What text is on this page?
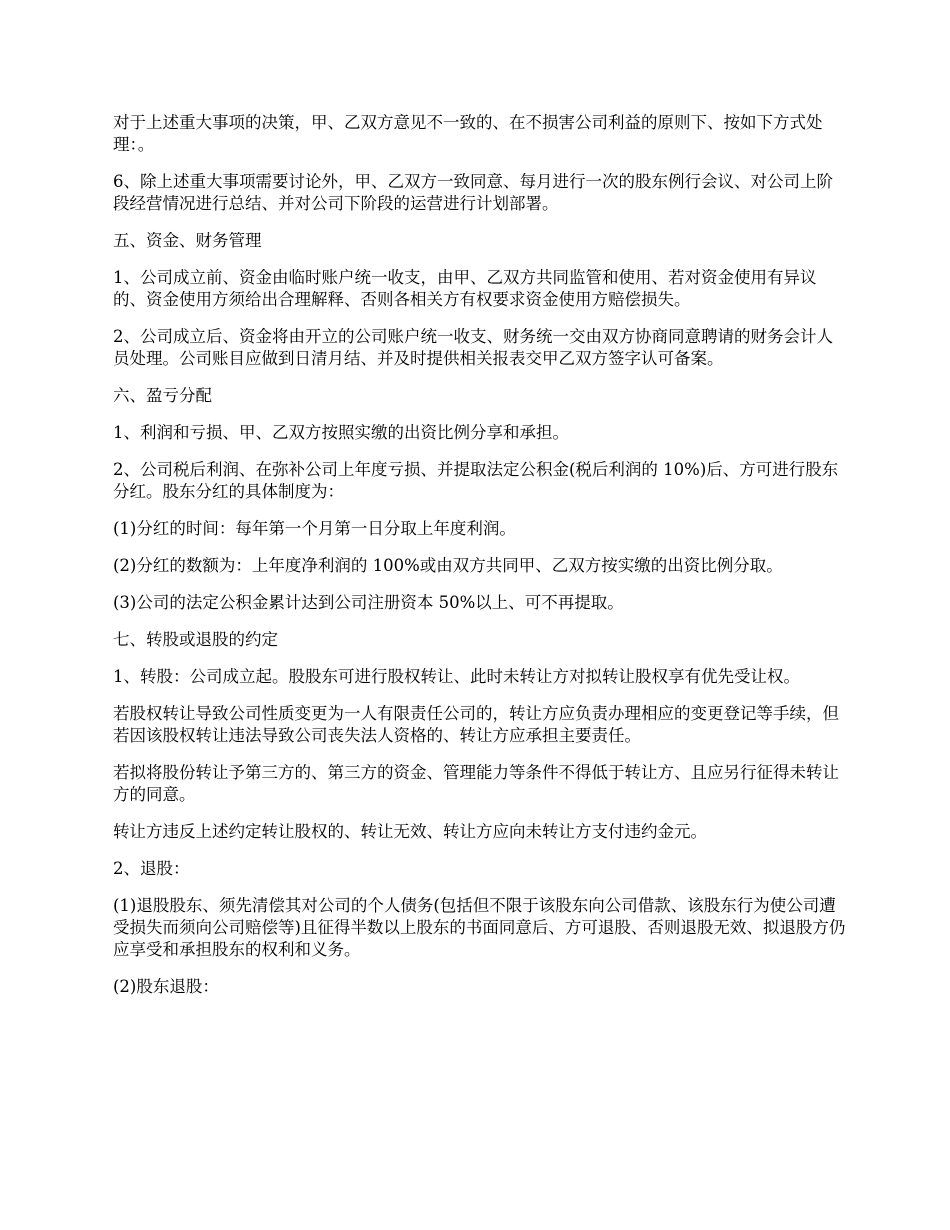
对于上述重大事项的决策，甲、乙双方意见不一致的、在不损害公司利益的原则下、按如下方式处理：。

6、除上述重大事项需要讨论外，甲、乙双方一致同意、每月进行一次的股东例行会议、对公司上阶段经营情况进行总结、并对公司下阶段的运营进行计划部署。

五、资金、财务管理

1、公司成立前、资金由临时账户统一收支，由甲、乙双方共同监管和使用、若对资金使用有异议的、资金使用方须给出合理解释、否则各相关方有权要求资金使用方赔偿损失。

2、公司成立后、资金将由开立的公司账户统一收支、财务统一交由双方协商同意聘请的财务会计人员处理。公司账目应做到日清月结、并及时提供相关报表交甲乙双方签字认可备案。

六、盈亏分配

1、利润和亏损、甲、乙双方按照实缴的出资比例分享和承担。

2、公司税后利润、在弥补公司上年度亏损、并提取法定公积金(税后利润的 10%)后、方可进行股东分红。股东分红的具体制度为：

(1)分红的时间：每年第一个月第一日分取上年度利润。

(2)分红的数额为：上年度净利润的 100%或由双方共同甲、乙双方按实缴的出资比例分取。

(3)公司的法定公积金累计达到公司注册资本 50%以上、可不再提取。

七、转股或退股的约定

1、转股：公司成立起。股股东可进行股权转让、此时未转让方对拟转让股权享有优先受让权。

若股权转让导致公司性质变更为一人有限责任公司的，转让方应负责办理相应的变更登记等手续，但若因该股权转让违法导致公司丧失法人资格的、转让方应承担主要责任。

若拟将股份转让予第三方的、第三方的资金、管理能力等条件不得低于转让方、且应另行征得未转让方的同意。

转让方违反上述约定转让股权的、转让无效、转让方应向未转让方支付违约金元。

2、退股：

(1)退股股东、须先清偿其对公司的个人债务(包括但不限于该股东向公司借款、该股东行为使公司遭受损失而须向公司赔偿等)且征得半数以上股东的书面同意后、方可退股、否则退股无效、拟退股方仍应享受和承担股东的权利和义务。

(2)股东退股：
